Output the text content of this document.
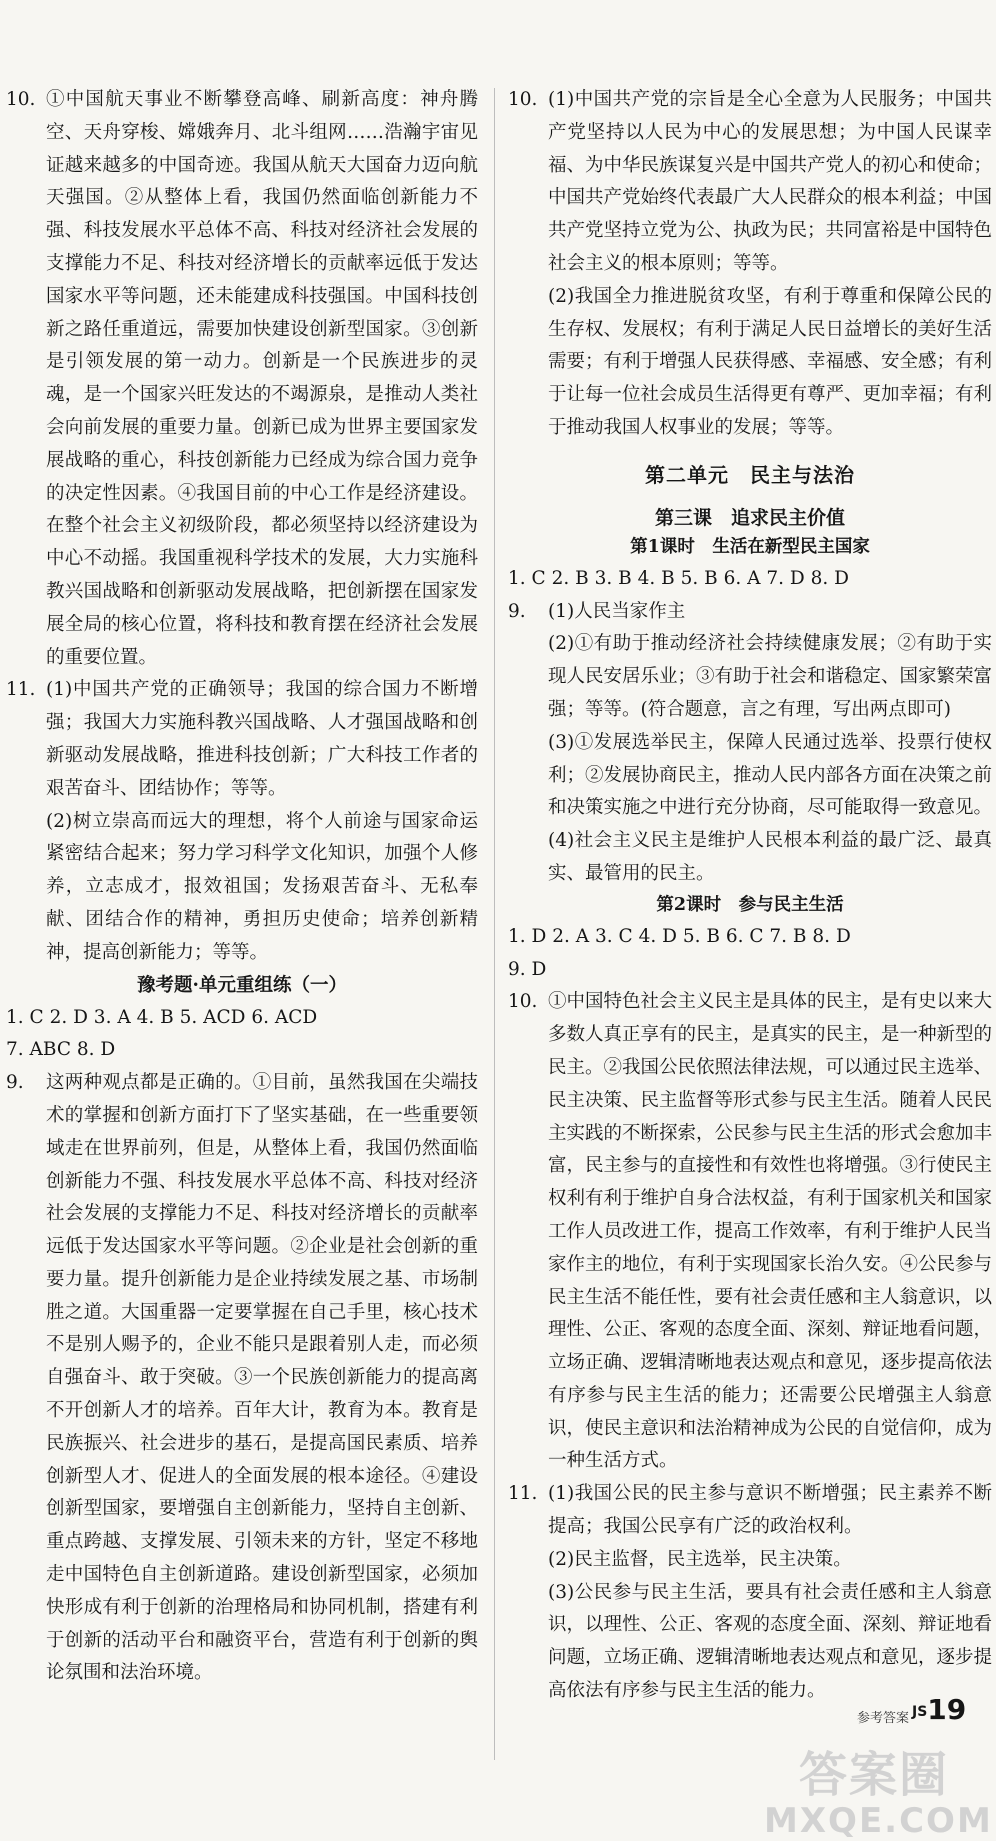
10. ①中国航天事业不断攀登高峰、刷新高度：神舟腾空、天舟穿梭、嫦娥奔月、北斗组网……浩瀚宇宙见证越来越多的中国奇迹。我国从航天大国奋力迈向航天强国。②从整体上看，我国仍然面临创新能力不强、科技发展水平总体不高、科技对经济社会发展的支撑能力不足、科技对经济增长的贡献率远低于发达国家水平等问题，还未能建成科技强国。中国科技创新之路任重道远，需要加快建设创新型国家。③创新是引领发展的第一动力。创新是一个民族进步的灵魂，是一个国家兴旺发达的不竭源泉，是推动人类社会向前发展的重要力量。创新已成为世界主要国家发展战略的重心，科技创新能力已经成为综合国力竞争的决定性因素。④我国目前的中心工作是经济建设。在整个社会主义初级阶段，都必须坚持以经济建设为中心不动摇。我国重视科学技术的发展，大力实施科教兴国战略和创新驱动发展战略，把创新摆在国家发展全局的核心位置，将科技和教育摆在经济社会发展的重要位置。

11. (1)中国共产党的正确领导；我国的综合国力不断增强；我国大力实施科教兴国战略、人才强国战略和创新驱动发展战略，推进科技创新；广大科技工作者的艰苦奋斗、团结协作；等等。

(2)树立崇高而远大的理想，将个人前途与国家命运紧密结合起来；努力学习科学文化知识，加强个人修养，立志成才，报效祖国；发扬艰苦奋斗、无私奉献、团结合作的精神，勇担历史使命；培养创新精神，提高创新能力；等等。

豫考题·单元重组练（一）

1. C 2. D 3. A 4. B 5. ACD 6. ACD

7. ABC 8. D

9.	这两种观点都是正确的。①目前，虽然我国在尖端技术的掌握和创新方面打下了坚实基础，在一些重要领域走在世界前列，但是，从整体上看，我国仍然面临创新能力不强、科技发展水平总体不高、科技对经济社会发展的支撑能力不足、科技对经济增长的贡献率远低于发达国家水平等问题。②企业是社会创新的重要力量。提升创新能力是企业持续发展之基、市场制胜之道。大国重器一定要掌握在自己手里，核心技术不是别人赐予的，企业不能只是跟着别人走，而必须自强奋斗、敢于突破。③一个民族创新能力的提高离不开创新人才的培养。百年大计，教育为本。教育是民族振兴、社会进步的基石，是提高国民素质、培养创新型人才、促进人的全面发展的根本途径。④建设创新型国家，要增强自主创新能力，坚持自主创新、重点跨越、支撑发展、引领未来的方针，坚定不移地走中国特色自主创新道路。建设创新型国家，必须加快形成有利于创新的治理格局和协同机制，搭建有利于创新的活动平台和融资平台，营造有利于创新的舆论氛围和法治环境。

10. (1)中国共产党的宗旨是全心全意为人民服务；中国共产党坚持以人民为中心的发展思想；为中国人民谋幸福、为中华民族谋复兴是中国共产党人的初心和使命；中国共产党始终代表最广大人民群众的根本利益；中国共产党坚持立党为公、执政为民；共同富裕是中国特色社会主义的根本原则；等等。

(2)我国全力推进脱贫攻坚，有利于尊重和保障公民的生存权、发展权；有利于满足人民日益增长的美好生活需要；有利于增强人民获得感、幸福感、安全感；有利于让每一位社会成员生活得更有尊严、更加幸福；有利于推动我国人权事业的发展；等等。

第二单元　民主与法治
第三课　追求民主价值
第1课时　生活在新型民主国家

1. C 2. B 3. B 4. B 5. B 6. A 7. D 8. D

9.	(1)人民当家作主

(2)①有助于推动经济社会持续健康发展；②有助于实现人民安居乐业；③有助于社会和谐稳定、国家繁荣富强；等等。(符合题意，言之有理，写出两点即可)

(3)①发展选举民主，保障人民通过选举、投票行使权利；②发展协商民主，推动人民内部各方面在决策之前和决策实施之中进行充分协商，尽可能取得一致意见。

(4)社会主义民主是维护人民根本利益的最广泛、最真实、最管用的民主。

第2课时　参与民主生活

1. D 2. A 3. C 4. D 5. B 6. C 7. B 8. D

9. D

10. ①中国特色社会主义民主是具体的民主，是有史以来大多数人真正享有的民主，是真实的民主，是一种新型的民主。②我国公民依照法律法规，可以通过民主选举、民主决策、民主监督等形式参与民主生活。随着人民民主实践的不断探索，公民参与民主生活的形式会愈加丰富，民主参与的直接性和有效性也将增强。③行使民主权利有利于维护自身合法权益，有利于国家机关和国家工作人员改进工作，提高工作效率，有利于维护人民当家作主的地位，有利于实现国家长治久安。④公民参与民主生活不能任性，要有社会责任感和主人翁意识，以理性、公正、客观的态度全面、深刻、辩证地看问题，立场正确、逻辑清晰地表达观点和意见，逐步提高依法有序参与民主生活的能力；还需要公民增强主人翁意识，使民主意识和法治精神成为公民的自觉信仰，成为一种生活方式。

11. (1)我国公民的民主参与意识不断增强；民主素养不断提高；我国公民享有广泛的政治权利。

(2)民主监督，民主选举，民主决策。

(3)公民参与民主生活，要具有社会责任感和主人翁意识，以理性、公正、客观的态度全面、深刻、辩证地看问题，立场正确、逻辑清晰地表达观点和意见，逐步提高依法有序参与民主生活的能力。

参考答案 JS19
答案圈
MXQE.COM
